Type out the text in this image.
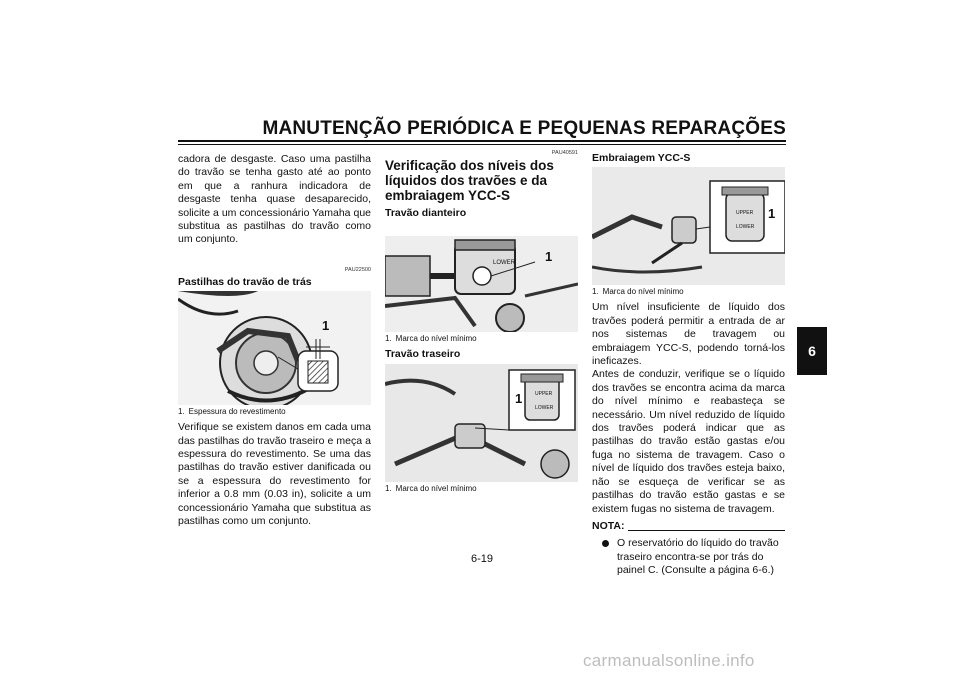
MANUTENÇÃO PERIÓDICA E PEQUENAS REPARAÇÕES
6
cadora de desgaste. Caso uma pastilha do travão se tenha gasto até ao ponto em que a ranhura indicadora de desgaste tenha quase desaparecido, solicite a um concessionário Yamaha que substitua as pastilhas do travão como um conjunto.
PAU22500
Pastilhas do travão de trás
1
1. Espessura do revestimento
Verifique se existem danos em cada uma das pastilhas do travão traseiro e meça a espessura do revestimento. Se uma das pastilhas do travão estiver danificada ou se a espessura do revestimento for inferior a 0.8 mm (0.03 in), solicite a um concessionário Yamaha que substitua as pastilhas como um conjunto.
PAU40591
Verificação dos níveis dos líquidos dos travões e da embraiagem YCC-S
Travão dianteiro
LOWER 1
1. Marca do nível mínimo
Travão traseiro
UPPER
LOWER
1
1. Marca do nível mínimo
Embraiagem YCC-S
UPPER
LOWER
1
1. Marca do nível mínimo
Um nível insuficiente de líquido dos travões poderá permitir a entrada de ar nos sistemas de travagem ou embraiagem YCC-S, podendo torná-los ineficazes.
Antes de conduzir, verifique se o líquido dos travões se encontra acima da marca do nível mínimo e reabasteça se necessário. Um nível reduzido de líquido dos travões poderá indicar que as pastilhas do travão estão gastas e/ou fuga no sistema de travagem. Caso o nível de líquido dos travões esteja baixo, não se esqueça de verificar se as pastilhas do travão estão gastas e se existem fugas no sistema de travagem.
NOTA:
O reservatório do líquido do travão traseiro encontra-se por trás do painel C. (Consulte a página 6-6.)
6-19
carmanualsonline.info
